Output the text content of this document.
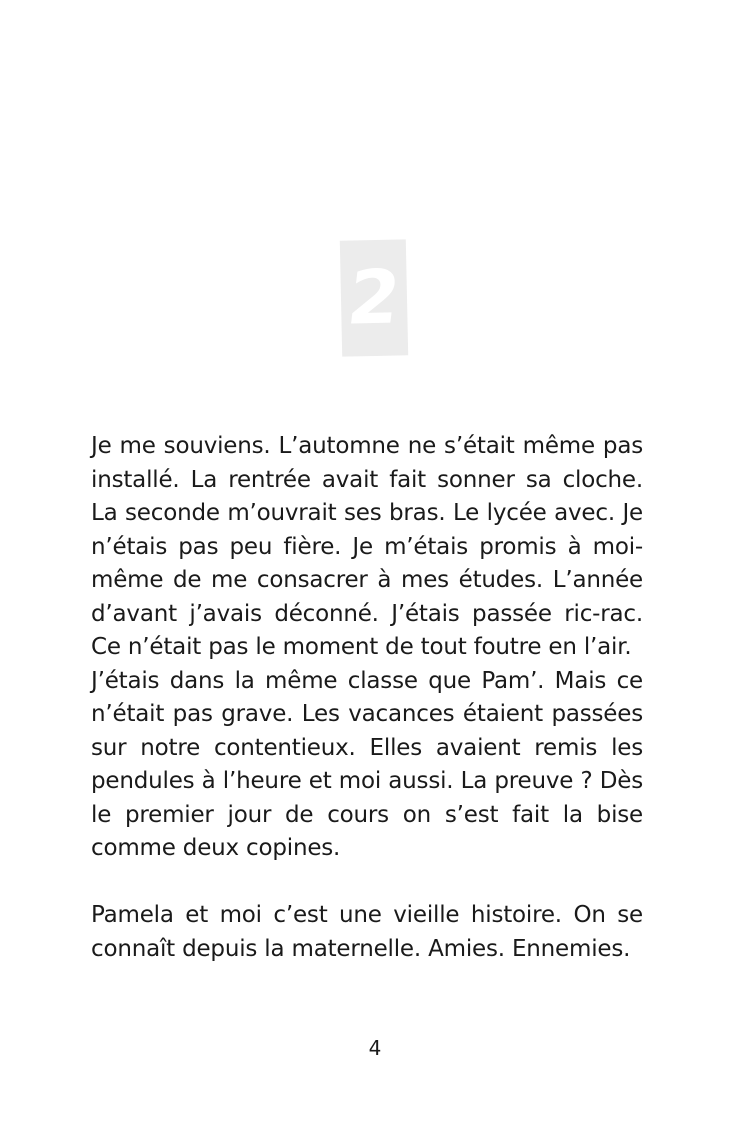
2

Je me souviens. L’automne ne s’était même pas installé. La rentrée avait fait sonner sa cloche. La seconde m’ouvrait ses bras. Le lycée avec. Je n’étais pas peu fière. Je m’étais promis à moi-même de me consacrer à mes études. L’année d’avant j’avais déconné. J’étais passée ric-rac. Ce n’était pas le moment de tout foutre en l’air.

J’étais dans la même classe que Pam’. Mais ce n’était pas grave. Les vacances étaient passées sur notre contentieux. Elles avaient remis les pendules à l’heure et moi aussi. La preuve ? Dès le premier jour de cours on s’est fait la bise comme deux copines.

Pamela et moi c’est une vieille histoire. On se connaît depuis la maternelle. Amies. Ennemies.

4
